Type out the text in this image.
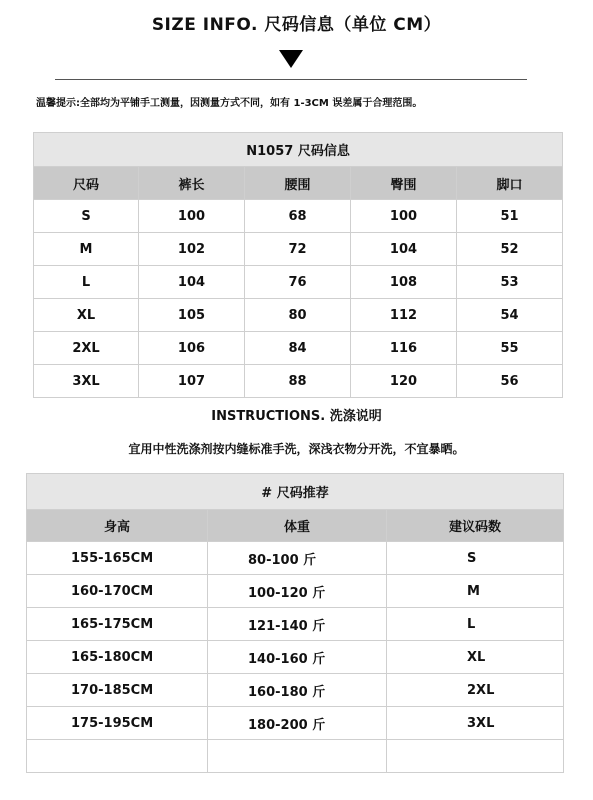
SIZE INFO. 尺码信息（单位 CM）
温馨提示:全部均为平铺手工测量，因测量方式不同，如有 1-3CM 误差属于合理范围。
N1057 尺码信息				
尺码	裤长	腰围	臀围	脚口
S	100	68	100	51
M	102	72	104	52
L	104	76	108	53
XL	105	80	112	54
2XL	106	84	116	55
3XL	107	88	120	56
INSTRUCTIONS. 洗涤说明
宜用中性洗涤剂按内缝标准手洗，深浅衣物分开洗，不宜暴晒。
# 尺码推荐		
身高	体重	建议码数
155-165CM	80-100 斤	S
160-170CM	100-120 斤	M
165-175CM	121-140 斤	L
165-180CM	140-160 斤	XL
170-185CM	160-180 斤	2XL
175-195CM	180-200 斤	3XL
